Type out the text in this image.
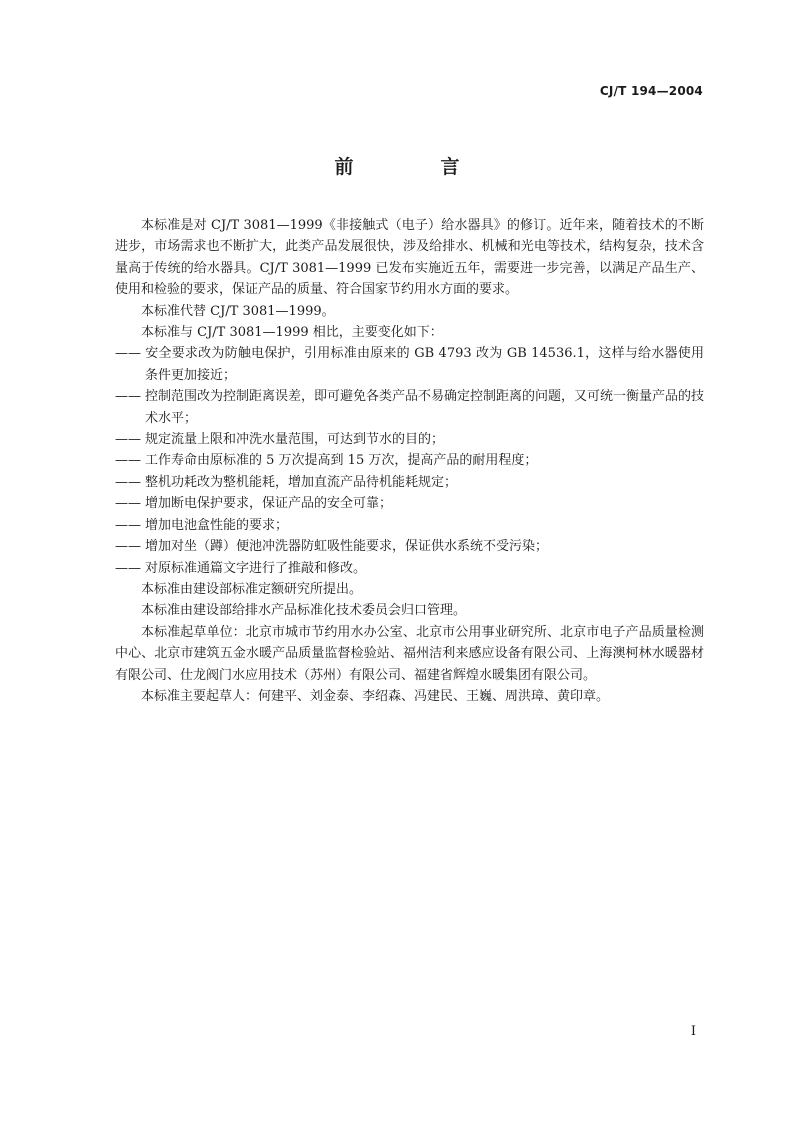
CJ/T 194—2004
前　言

本标准是对 CJ/T 3081—1999《非接触式（电子）给水器具》的修订。近年来，随着技术的不断进步，市场需求也不断扩大，此类产品发展很快，涉及给排水、机械和光电等技术，结构复杂，技术含量高于传统的给水器具。CJ/T 3081—1999 已发布实施近五年，需要进一步完善，以满足产品生产、使用和检验的要求，保证产品的质量、符合国家节约用水方面的要求。

本标准代替 CJ/T 3081—1999。

本标准与 CJ/T 3081—1999 相比，主要变化如下：

—— 安全要求改为防触电保护，引用标准由原来的 GB 4793 改为 GB 14536.1，这样与给水器使用条件更加接近；

—— 控制范围改为控制距离误差，即可避免各类产品不易确定控制距离的问题，又可统一衡量产品的技术水平；

—— 规定流量上限和冲洗水量范围，可达到节水的目的；

—— 工作寿命由原标准的 5 万次提高到 15 万次，提高产品的耐用程度；

—— 整机功耗改为整机能耗，增加直流产品待机能耗规定；

—— 增加断电保护要求，保证产品的安全可靠；

—— 增加电池盒性能的要求；

—— 增加对坐（蹲）便池冲洗器防虹吸性能要求，保证供水系统不受污染；

—— 对原标准通篇文字进行了推敲和修改。

本标准由建设部标准定额研究所提出。

本标准由建设部给排水产品标准化技术委员会归口管理。

本标准起草单位：北京市城市节约用水办公室、北京市公用事业研究所、北京市电子产品质量检测中心、北京市建筑五金水暖产品质量监督检验站、福州洁利来感应设备有限公司、上海澳柯林水暖器材有限公司、仕龙阀门水应用技术（苏州）有限公司、福建省辉煌水暖集团有限公司。

本标准主要起草人：何建平、刘金泰、李绍森、冯建民、王巍、周洪璋、黄印章。

I
